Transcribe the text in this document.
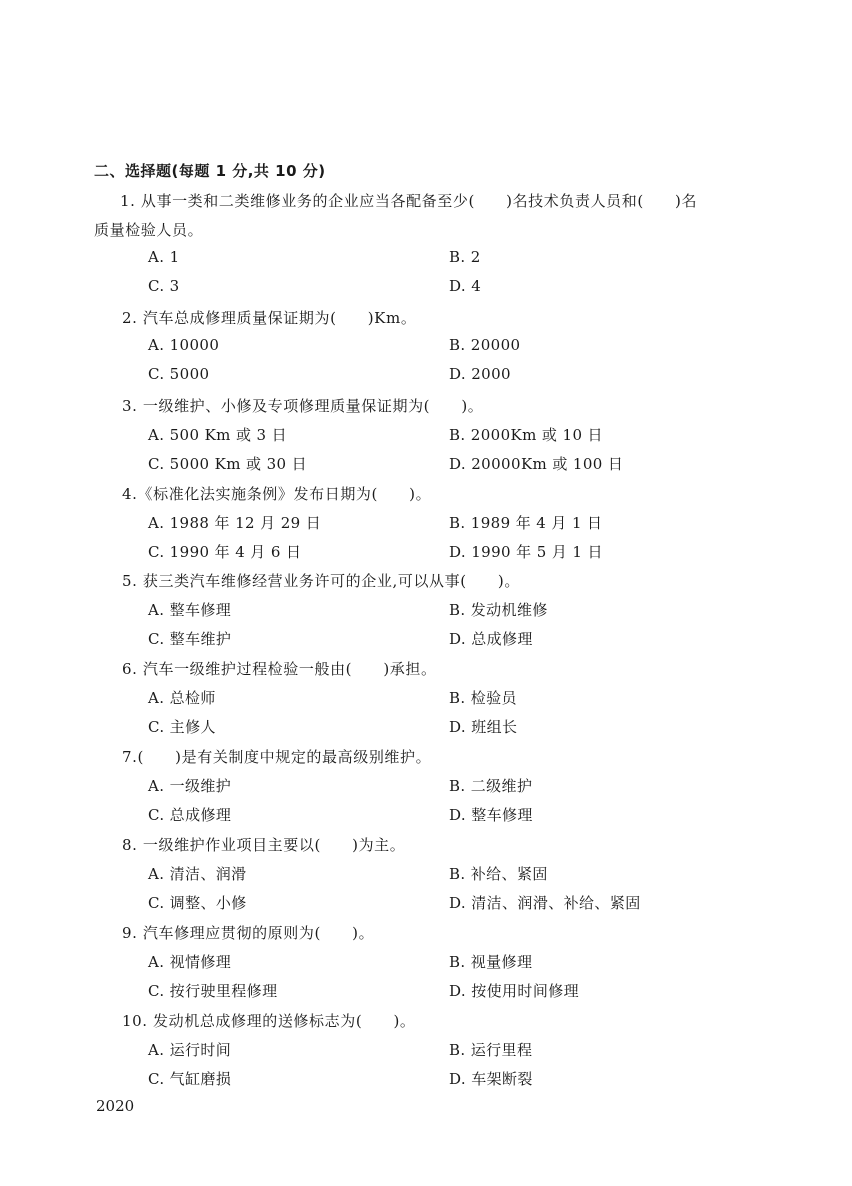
二、选择题(每题 1 分,共 10 分)
1. 从事一类和二类维修业务的企业应当各配备至少(　　)名技术负责人员和(　　)名
质量检验人员。
A. 1	B. 2
C. 3	D. 4
2. 汽车总成修理质量保证期为(　　)Km。
A. 10000	B. 20000
C. 5000	D. 2000
3. 一级维护、小修及专项修理质量保证期为(　　)。
A. 500 Km 或 3 日	B. 2000Km 或 10 日
C. 5000 Km 或 30 日	D. 20000Km 或 100 日
4.《标准化法实施条例》发布日期为(　　)。
A. 1988 年 12 月 29 日	B. 1989 年 4 月 1 日
C. 1990 年 4 月 6 日	D. 1990 年 5 月 1 日
5. 获三类汽车维修经营业务许可的企业,可以从事(　　)。
A. 整车修理	B. 发动机维修
C. 整车维护	D. 总成修理
6. 汽车一级维护过程检验一般由(　　)承担。
A. 总检师	B. 检验员
C. 主修人	D. 班组长
7.(　　)是有关制度中规定的最高级别维护。
A. 一级维护	B. 二级维护
C. 总成修理	D. 整车修理
8. 一级维护作业项目主要以(　　)为主。
A. 清洁、润滑	B. 补给、紧固
C. 调整、小修	D. 清洁、润滑、补给、紧固
9. 汽车修理应贯彻的原则为(　　)。
A. 视情修理	B. 视量修理
C. 按行驶里程修理	D. 按使用时间修理
10. 发动机总成修理的送修标志为(　　)。
A. 运行时间	B. 运行里程
C. 气缸磨损	D. 车架断裂
2020
